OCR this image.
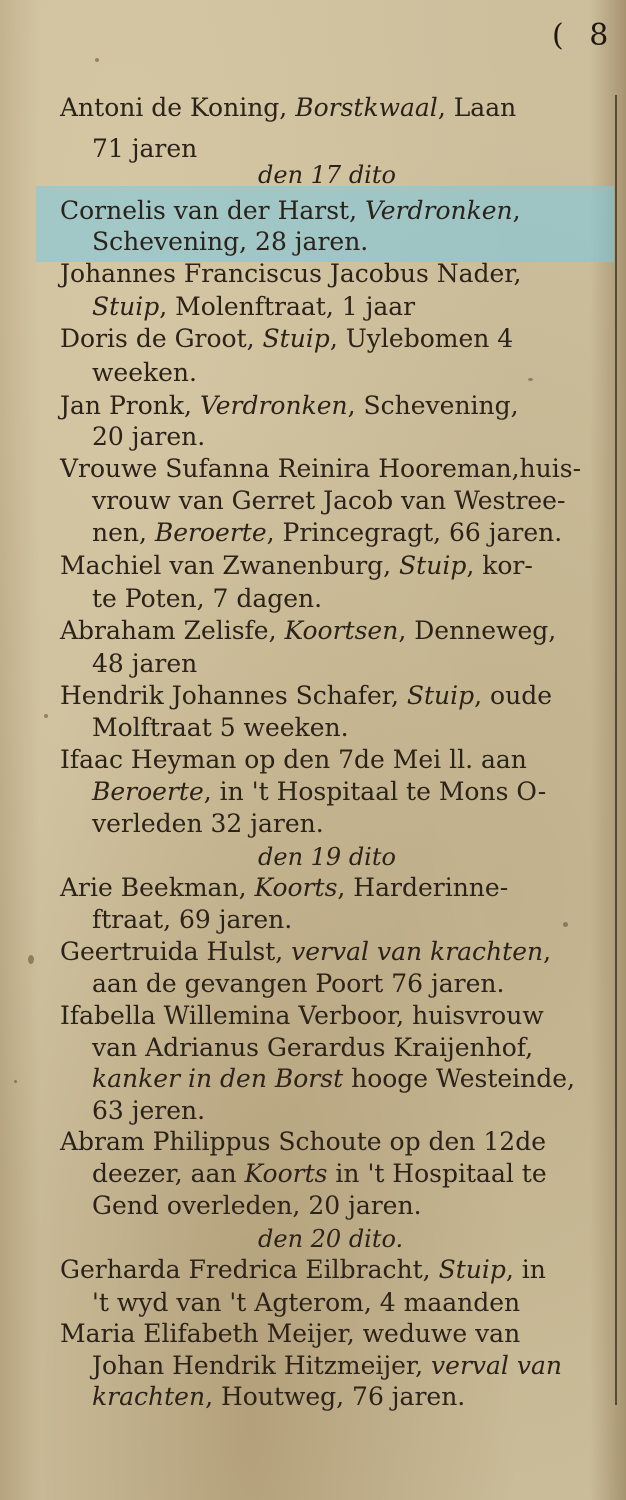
( 8
Antoni de Koning, Borstkwaal, Laan
71 jaren
den 17 dito
Cornelis van der Harst, Verdronken,
Schevening, 28 jaren.
Johannes Franciscus Jacobus Nader,
Stuip, Molenftraat, 1 jaar
Doris de Groot, Stuip, Uylebomen 4
weeken.
Jan Pronk, Verdronken, Schevening,
20 jaren.
Vrouwe Sufanna Reinira Hooreman,huis-
vrouw van Gerret Jacob van Westree-
nen, Beroerte, Princegragt, 66 jaren.
Machiel van Zwanenburg, Stuip, kor-
te Poten, 7 dagen.
Abraham Zelisfe, Koortsen, Denneweg,
48 jaren
Hendrik Johannes Schafer, Stuip, oude
Molftraat 5 weeken.
Ifaac Heyman op den 7de Mei ll. aan
Beroerte, in 't Hospitaal te Mons O-
verleden 32 jaren.
den 19 dito
Arie Beekman, Koorts, Harderinne-
ftraat, 69 jaren.
Geertruida Hulst, verval van krachten,
aan de gevangen Poort 76 jaren.
Ifabella Willemina Verboor, huisvrouw
van Adrianus Gerardus Kraijenhof,
kanker in den Borst hooge Westeinde,
63 jeren.
Abram Philippus Schoute op den 12de
deezer, aan Koorts in 't Hospitaal te
Gend overleden, 20 jaren.
den 20 dito.
Gerharda Fredrica Eilbracht, Stuip, in
't wyd van 't Agterom, 4 maanden
Maria Elifabeth Meijer, weduwe van
Johan Hendrik Hitzmeijer, verval van
krachten, Houtweg, 76 jaren.
